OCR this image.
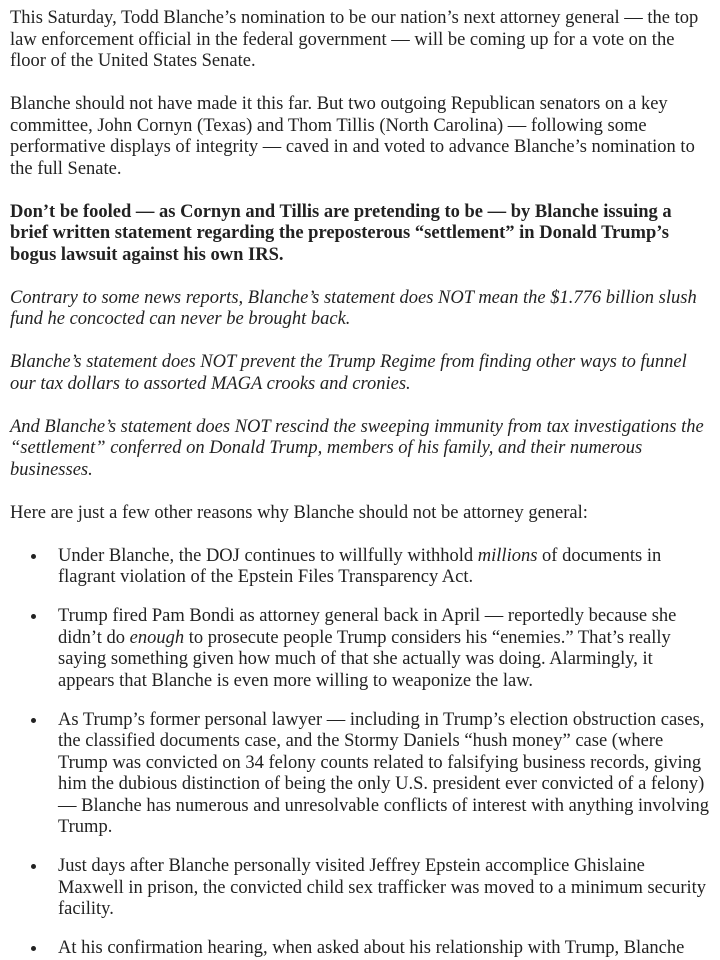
This Saturday, Todd Blanche’s nomination to be our nation’s next attorney general — the top law enforcement official in the federal government — will be coming up for a vote on the floor of the United States Senate.

Blanche should not have made it this far. But two outgoing Republican senators on a key committee, John Cornyn (Texas) and Thom Tillis (North Carolina) — following some performative displays of integrity — caved in and voted to advance Blanche’s nomination to the full Senate.

Don’t be fooled — as Cornyn and Tillis are pretending to be — by Blanche issuing a brief written statement regarding the preposterous “settlement” in Donald Trump’s bogus lawsuit against his own IRS.

Contrary to some news reports, Blanche’s statement does NOT mean the $1.776 billion slush fund he concocted can never be brought back.

Blanche’s statement does NOT prevent the Trump Regime from finding other ways to funnel our tax dollars to assorted MAGA crooks and cronies.

And Blanche’s statement does NOT rescind the sweeping immunity from tax investigations the “settlement” conferred on Donald Trump, members of his family, and their numerous businesses.

Here are just a few other reasons why Blanche should not be attorney general:

Under Blanche, the DOJ continues to willfully withhold millions of documents in flagrant violation of the Epstein Files Transparency Act.
Trump fired Pam Bondi as attorney general back in April — reportedly because she didn’t do enough to prosecute people Trump considers his “enemies.” That’s really saying something given how much of that she actually was doing. Alarmingly, it appears that Blanche is even more willing to weaponize the law.
As Trump’s former personal lawyer — including in Trump’s election obstruction cases, the classified documents case, and the Stormy Daniels “hush money” case (where Trump was convicted on 34 felony counts related to falsifying business records, giving him the dubious distinction of being the only U.S. president ever convicted of a felony) — Blanche has numerous and unresolvable conflicts of interest with anything involving Trump.
Just days after Blanche personally visited Jeffrey Epstein accomplice Ghislaine Maxwell in prison, the convicted child sex trafficker was moved to a minimum security facility.
At his confirmation hearing, when asked about his relationship with Trump, Blanche
